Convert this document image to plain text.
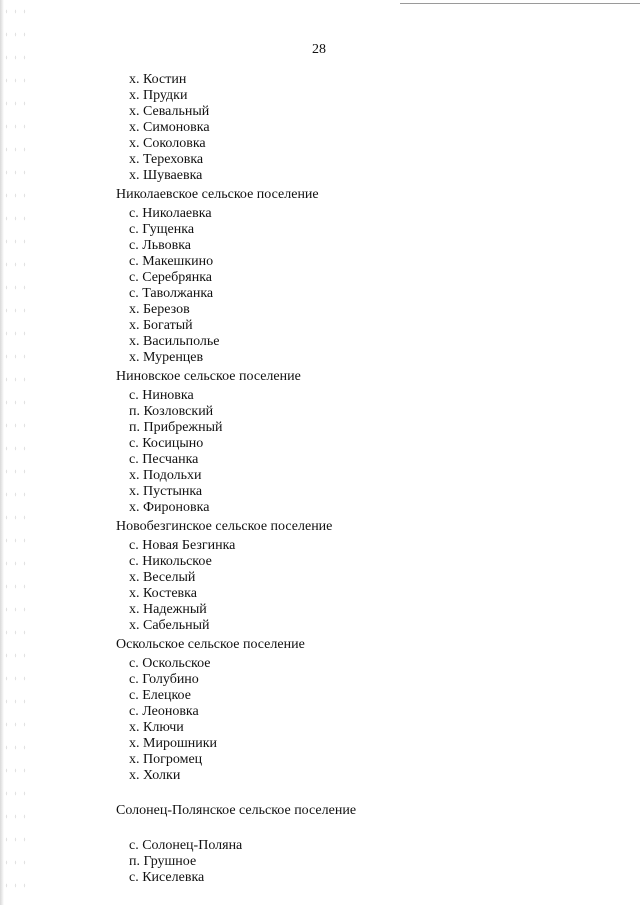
28
х. Костин
х. Прудки
х. Севальный
х. Симоновка
х. Соколовка
х. Тереховка
х. Шуваевка
Николаевское сельское поселение
с. Николаевка
с. Гущенка
с. Львовка
с. Макешкино
с. Серебрянка
с. Таволжанка
х. Березов
х. Богатый
х. Васильполье
х. Муренцев
Ниновское сельское поселение
с. Ниновка
п. Козловский
п. Прибрежный
с. Косицыно
с. Песчанка
х. Подольхи
х. Пустынка
х. Фироновка
Новобезгинское сельское поселение
с. Новая Безгинка
с. Никольское
х. Веселый
х. Костевка
х. Надежный
х. Сабельный
Оскольское сельское поселение
с. Оскольское
с. Голубино
с. Елецкое
с. Леоновка
х. Ключи
х. Мирошники
х. Погромец
х. Холки
Солонец-Полянское сельское поселение
с. Солонец-Поляна
п. Грушное
с. Киселевка
